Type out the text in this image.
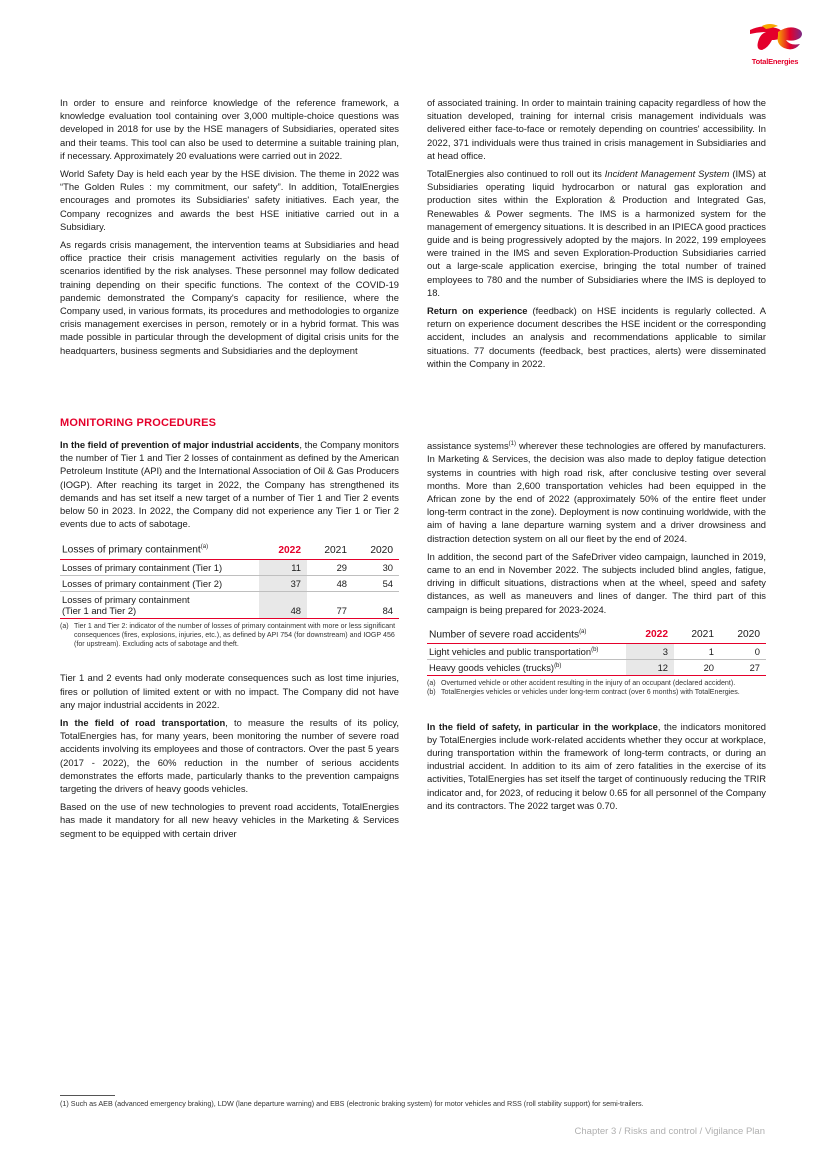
TotalEnergies

In order to ensure and reinforce knowledge of the reference framework, a knowledge evaluation tool containing over 3,000 multiple-choice questions was developed in 2018 for use by the HSE managers of Subsidiaries, operated sites and their teams. This tool can also be used to determine a suitable training plan, if necessary. Approximately 20 evaluations were carried out in 2022.

World Safety Day is held each year by the HSE division. The theme in 2022 was “The Golden Rules : my commitment, our safety”. In addition, TotalEnergies encourages and promotes its Subsidiaries' safety initiatives. Each year, the Company recognizes and awards the best HSE initiative carried out in a Subsidiary.

As regards crisis management, the intervention teams at Subsidiaries and head office practice their crisis management activities regularly on the basis of scenarios identified by the risk analyses. These personnel may follow dedicated training depending on their specific functions. The context of the COVID-19 pandemic demonstrated the Company's capacity for resilience, where the Company used, in various formats, its procedures and methodologies to organize crisis management exercises in person, remotely or in a hybrid format. This was made possible in particular through the development of digital crisis units for the headquarters, business segments and Subsidiaries and the deployment

of associated training. In order to maintain training capacity regardless of how the situation developed, training for internal crisis management individuals was delivered either face-to-face or remotely depending on countries' accessibility. In 2022, 371 individuals were thus trained in crisis management in Subsidiaries and at head office.

TotalEnergies also continued to roll out its Incident Management System (IMS) at Subsidiaries operating liquid hydrocarbon or natural gas exploration and production sites within the Exploration & Production and Integrated Gas, Renewables & Power segments. The IMS is a harmonized system for the management of emergency situations. It is described in an IPIECA good practices guide and is being progressively adopted by the majors. In 2022, 199 employees were trained in the IMS and seven Exploration-Production Subsidiaries carried out a large-scale application exercise, bringing the total number of trained employees to 780 and the number of Subsidiaries where the IMS is deployed to 18.

Return on experience (feedback) on HSE incidents is regularly collected. A return on experience document describes the HSE incident or the corresponding accident, includes an analysis and recommendations applicable to similar situations. 77 documents (feedback, best practices, alerts) were disseminated within the Company in 2022.

MONITORING PROCEDURES

In the field of prevention of major industrial accidents, the Company monitors the number of Tier 1 and Tier 2 losses of containment as defined by the American Petroleum Institute (API) and the International Association of Oil & Gas Producers (IOGP). After reaching its target in 2022, the Company has strengthened its demands and has set itself a new target of a number of Tier 1 and Tier 2 events below 50 in 2023. In 2022, the Company did not experience any Tier 1 or Tier 2 events due to acts of sabotage.

Losses of primary containment$^{(a)}$	2022	2021	2020
Losses of primary containment (Tier 1)	11	29	30
Losses of primary containment (Tier 2)	37	48	54
Losses of primary containment
(Tier 1 and Tier 2)	48	77	84
(a) Tier 1 and Tier 2: indicator of the number of losses of primary containment with more or less significant consequences (fires, explosions, injuries, etc.), as defined by API 754 (for downstream) and IOGP 456 (for upstream). Excluding acts of sabotage and theft.

Tier 1 and 2 events had only moderate consequences such as lost time injuries, fires or pollution of limited extent or with no impact. The Company did not have any major industrial accidents in 2022.

In the field of road transportation, to measure the results of its policy, TotalEnergies has, for many years, been monitoring the number of severe road accidents involving its employees and those of contractors. Over the past 5 years (2017 - 2022), the 60% reduction in the number of serious accidents demonstrates the efforts made, particularly thanks to the prevention campaigns targeting the drivers of heavy goods vehicles.

Based on the use of new technologies to prevent road accidents, TotalEnergies has made it mandatory for all new heavy vehicles in the Marketing & Services segment to be equipped with certain driver

assistance systems$^{(1)}$ wherever these technologies are offered by manufacturers. In Marketing & Services, the decision was also made to deploy fatigue detection systems in countries with high road risk, after conclusive testing over several months. More than 2,600 transportation vehicles had been equipped in the African zone by the end of 2022 (approximately 50% of the entire fleet under long-term contract in the zone). Deployment is now continuing worldwide, with the aim of having a lane departure warning system and a driver drowsiness and distraction detection system on all our fleet by the end of 2024.

In addition, the second part of the SafeDriver video campaign, launched in 2019, came to an end in November 2022. The subjects included blind angles, fatigue, driving in difficult situations, distractions when at the wheel, speed and safety distances, as well as maneuvers and lines of danger. The third part of this campaign is being prepared for 2023-2024.

Number of severe road accidents$^{(a)}$	2022	2021	2020
Light vehicles and public transportation$^{(b)}$	3	1	0
Heavy goods vehicles (trucks)$^{(b)}$	12	20	27
(a) Overturned vehicle or other accident resulting in the injury of an occupant (declared accident).
(b) TotalEnergies vehicles or vehicles under long-term contract (over 6 months) with TotalEnergies.

In the field of safety, in particular in the workplace, the indicators monitored by TotalEnergies include work-related accidents whether they occur at workplace, during transportation within the framework of long-term contracts, or during an industrial accident. In addition to its aim of zero fatalities in the exercise of its activities, TotalEnergies has set itself the target of continuously reducing the TRIR indicator and, for 2023, of reducing it below 0.65 for all personnel of the Company and its contractors. The 2022 target was 0.70.

(1) Such as AEB (advanced emergency braking), LDW (lane departure warning) and EBS (electronic braking system) for motor vehicles and RSS (roll stability support) for semi-trailers.
Chapter 3 / Risks and control / Vigilance Plan
